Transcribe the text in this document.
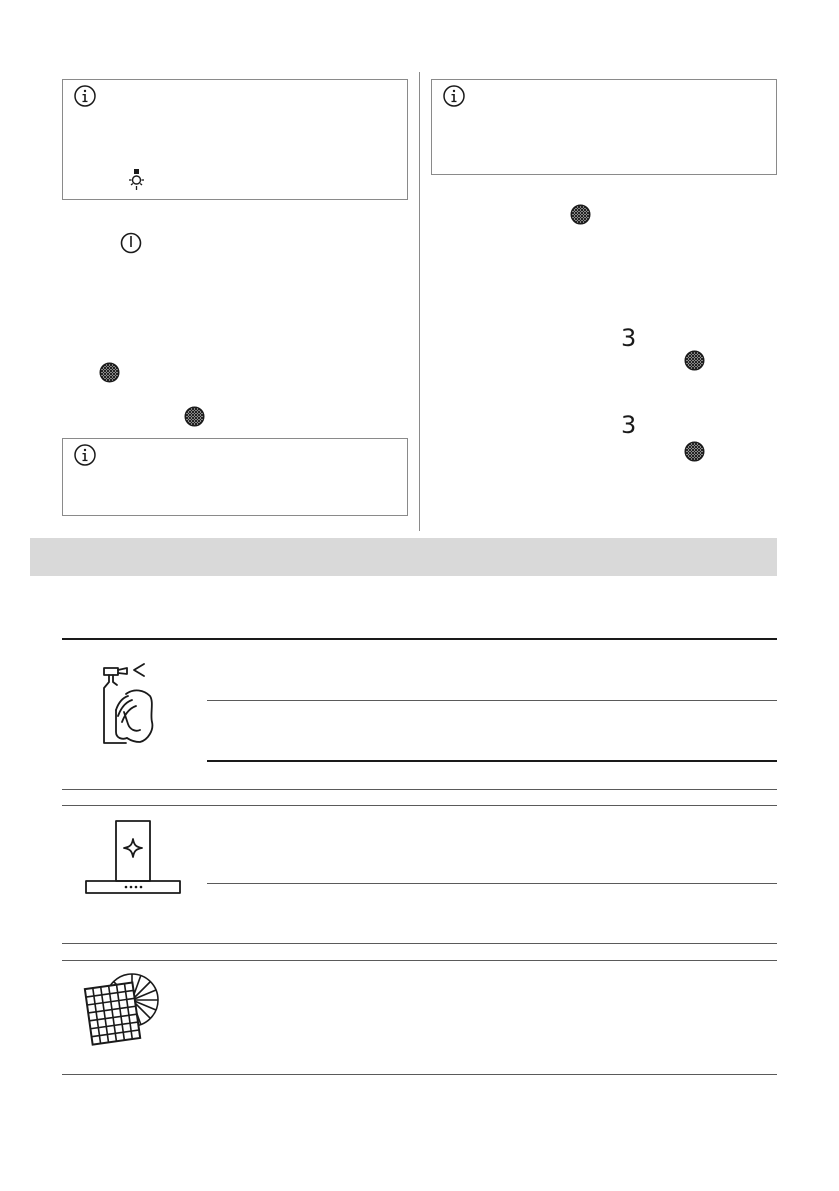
3
3
